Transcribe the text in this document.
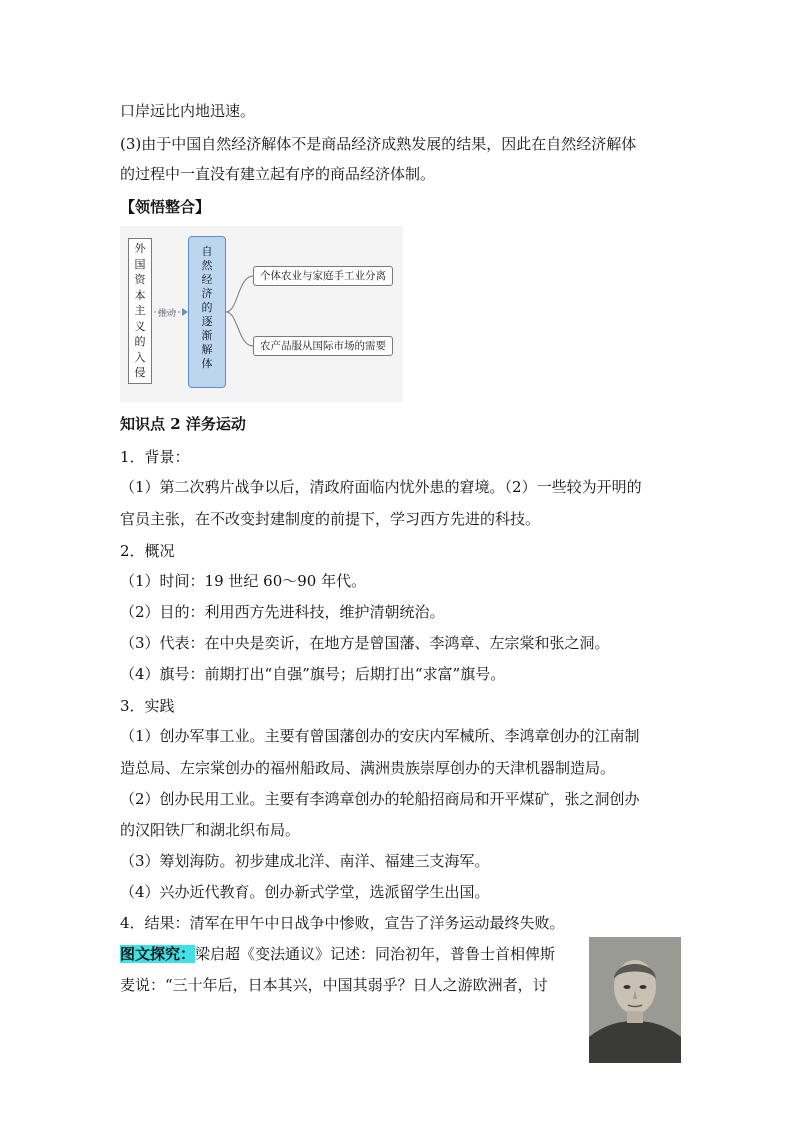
口岸远比内地迅速。
(3)由于中国自然经济解体不是商品经济成熟发展的结果，因此在自然经济解体
的过程中一直没有建立起有序的商品经济体制。
【领悟整合】
外
国
资
本
主
义
的
入
侵
推动
自
然
经
济
的
逐
渐
解
体
个体农业与家庭手工业分离
农产品服从国际市场的需要
知识点 2 洋务运动
1．背景：
（1）第二次鸦片战争以后，清政府面临内忧外患的窘境。（2）一些较为开明的
官员主张，在不改变封建制度的前提下，学习西方先进的科技。
2．概况
（1）时间：19 世纪 60～90 年代。
（2）目的：利用西方先进科技，维护清朝统治。
（3）代表：在中央是奕䜣，在地方是曾国藩、李鸿章、左宗棠和张之洞。
（4）旗号：前期打出“自强”旗号；后期打出“求富”旗号。
3．实践
（1）创办军事工业。主要有曾国藩创办的安庆内军械所、李鸿章创办的江南制
造总局、左宗棠创办的福州船政局、满洲贵族崇厚创办的天津机器制造局。
（2）创办民用工业。主要有李鸿章创办的轮船招商局和开平煤矿，张之洞创办
的汉阳铁厂和湖北织布局。
（3）筹划海防。初步建成北洋、南洋、福建三支海军。
（4）兴办近代教育。创办新式学堂，选派留学生出国。
4．结果：清军在甲午中日战争中惨败，宣告了洋务运动最终失败。
图文探究：梁启超《变法通议》记述：同治初年，普鲁士首相俾斯
麦说：“三十年后，日本其兴，中国其弱乎？日人之游欧洲者，讨
